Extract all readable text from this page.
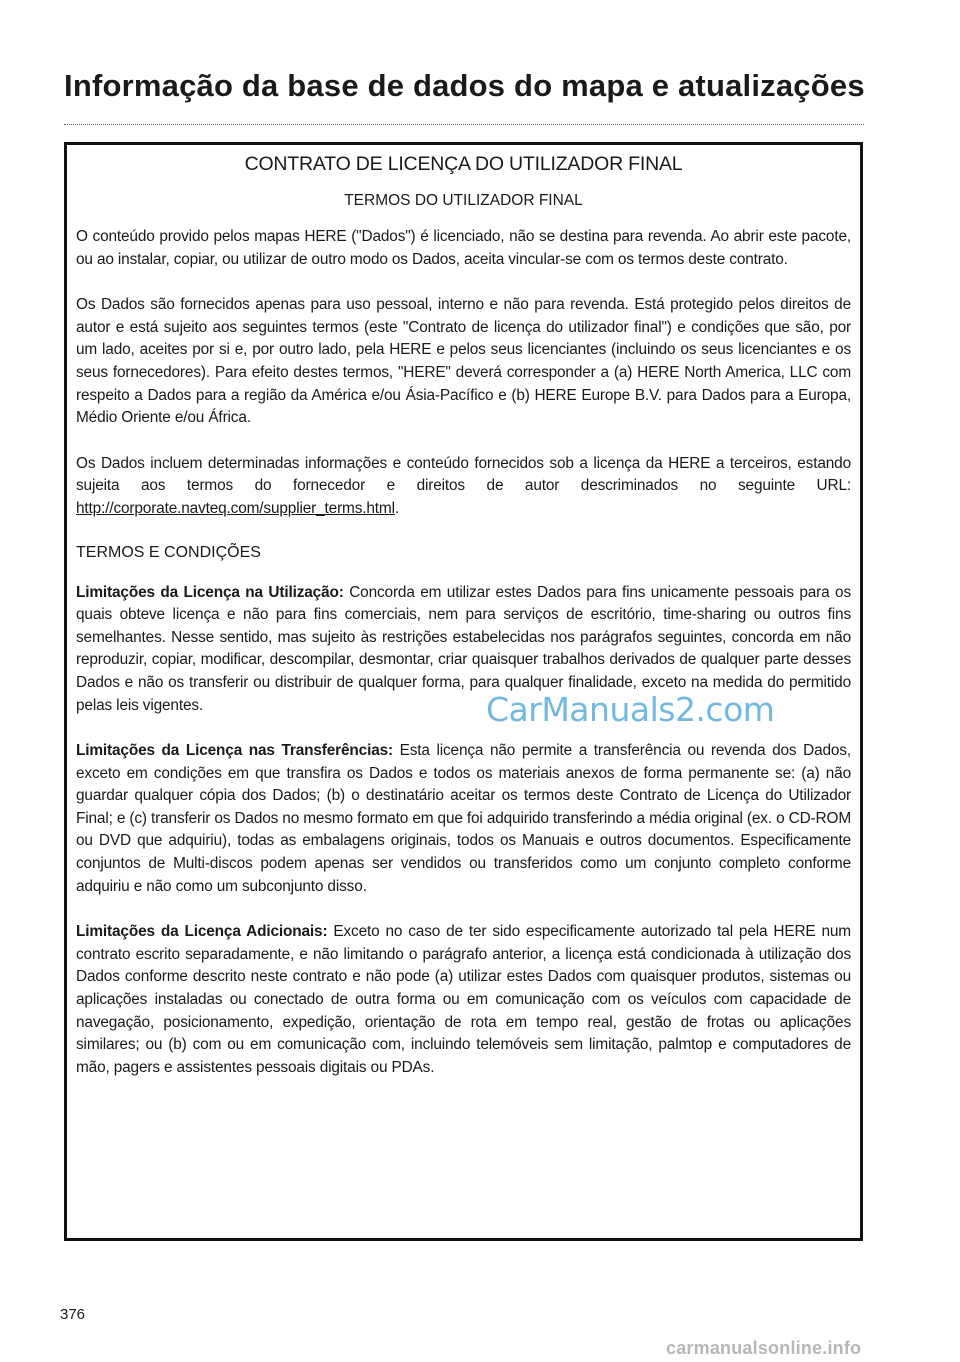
Informação da base de dados do mapa e atualizações
CONTRATO DE LICENÇA DO UTILIZADOR FINAL
TERMOS DO UTILIZADOR FINAL

O conteúdo provido pelos mapas HERE ("Dados") é licenciado, não se destina para revenda. Ao abrir este pacote, ou ao instalar, copiar, ou utilizar de outro modo os Dados, aceita vincular-se com os termos deste contrato.

Os Dados são fornecidos apenas para uso pessoal, interno e não para revenda. Está protegido pelos direitos de autor e está sujeito aos seguintes termos (este "Contrato de licença do utilizador final") e condições que são, por um lado, aceites por si e, por outro lado, pela HERE e pelos seus licenciantes (incluindo os seus licenciantes e os seus fornecedores). Para efeito destes termos, "HERE" deverá corresponder a (a) HERE North America, LLC com respeito a Dados para a região da América e/ou Ásia-Pacífico e (b) HERE Europe B.V. para Dados para a Europa, Médio Oriente e/ou África.

Os Dados incluem determinadas informações e conteúdo fornecidos sob a licença da HERE a terceiros, estando sujeita aos termos do fornecedor e direitos de autor descriminados no seguinte URL: http://corporate.navteq.com/supplier_terms.html.

TERMOS E CONDIÇÕES

Limitações da Licença na Utilização: Concorda em utilizar estes Dados para fins unicamente pessoais para os quais obteve licença e não para fins comerciais, nem para serviços de escritório, time-sharing ou outros fins semelhantes. Nesse sentido, mas sujeito às restrições estabelecidas nos parágrafos seguintes, concorda em não reproduzir, copiar, modificar, descompilar, desmontar, criar quaisquer trabalhos derivados de qualquer parte desses Dados e não os transferir ou distribuir de qualquer forma, para qualquer finalidade, exceto na medida do permitido pelas leis vigentes.

Limitações da Licença nas Transferências: Esta licença não permite a transferência ou revenda dos Dados, exceto em condições em que transfira os Dados e todos os materiais anexos de forma permanente se: (a) não guardar qualquer cópia dos Dados; (b) o destinatário aceitar os termos deste Contrato de Licença do Utilizador Final; e (c) transferir os Dados no mesmo formato em que foi adquirido transferindo a média original (ex. o CD-ROM ou DVD que adquiriu), todas as embalagens originais, todos os Manuais e outros documentos. Especificamente conjuntos de Multi-discos podem apenas ser vendidos ou transferidos como um conjunto completo conforme adquiriu e não como um subconjunto disso.

Limitações da Licença Adicionais: Exceto no caso de ter sido especificamente autorizado tal pela HERE num contrato escrito separadamente, e não limitando o parágrafo anterior, a licença está condicionada à utilização dos Dados conforme descrito neste contrato e não pode (a) utilizar estes Dados com quaisquer produtos, sistemas ou aplicações instaladas ou conectado de outra forma ou em comunicação com os veículos com capacidade de navegação, posicionamento, expedição, orientação de rota em tempo real, gestão de frotas ou aplicações similares; ou (b) com ou em comunicação com, incluindo telemóveis sem limitação, palmtop e computadores de mão, pagers e assistentes pessoais digitais ou PDAs.

CarManuals2.com
376
carmanualsonline.info
